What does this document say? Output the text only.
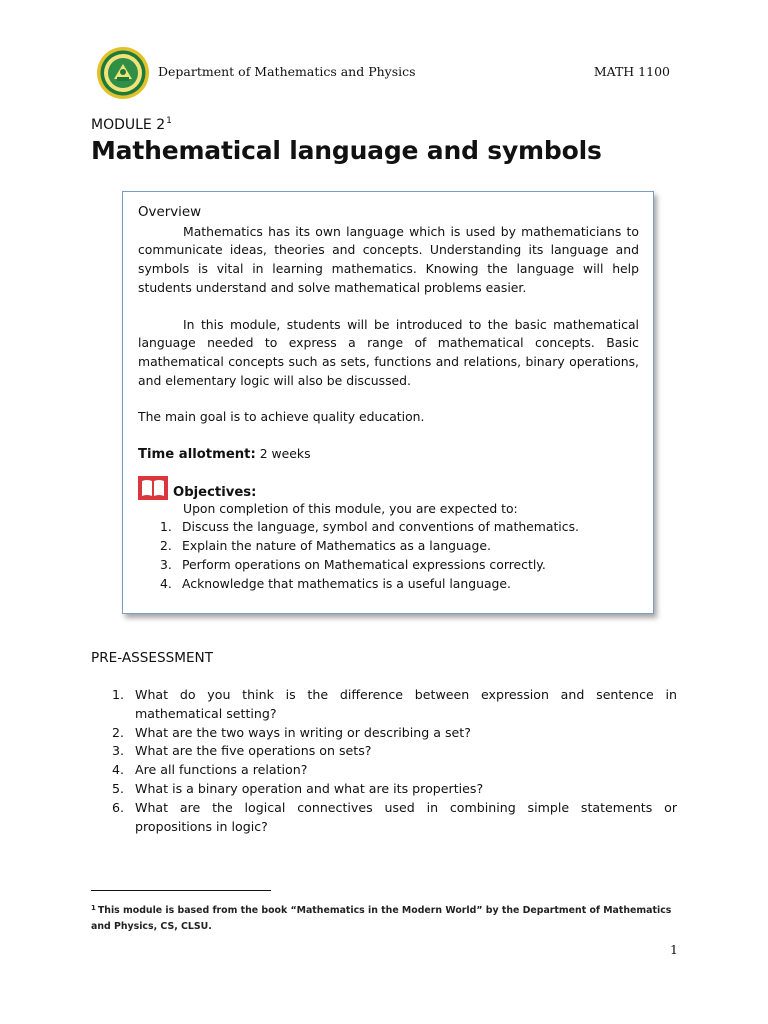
Department of Mathematics and Physics	MATH 1100
MODULE $2^1$
Mathematical language and symbols
Overview

Mathematics has its own language which is used by mathematicians to communicate ideas, theories and concepts. Understanding its language and symbols is vital in learning mathematics. Knowing the language will help students understand and solve mathematical problems easier.

In this module, students will be introduced to the basic mathematical language needed to express a range of mathematical concepts. Basic mathematical concepts such as sets, functions and relations, binary operations, and elementary logic will also be discussed.

The main goal is to achieve quality education.

Time allotment: 2 weeks
Objectives:
Upon completion of this module, you are expected to:
1. Discuss the language, symbol and conventions of mathematics.
2. Explain the nature of Mathematics as a language.
3. Perform operations on Mathematical expressions correctly.
4. Acknowledge that mathematics is a useful language.
PRE-ASSESSMENT
1. What do you think is the difference between expression and sentence in mathematical setting?
2. What are the two ways in writing or describing a set?
3. What are the five operations on sets?
4. Are all functions a relation?
5. What is a binary operation and what are its properties?
6. What are the logical connectives used in combining simple statements or propositions in logic?
$^1$ This module is based from the book “Mathematics in the Modern World” by the Department of Mathematics and Physics, CS, CLSU.
1
